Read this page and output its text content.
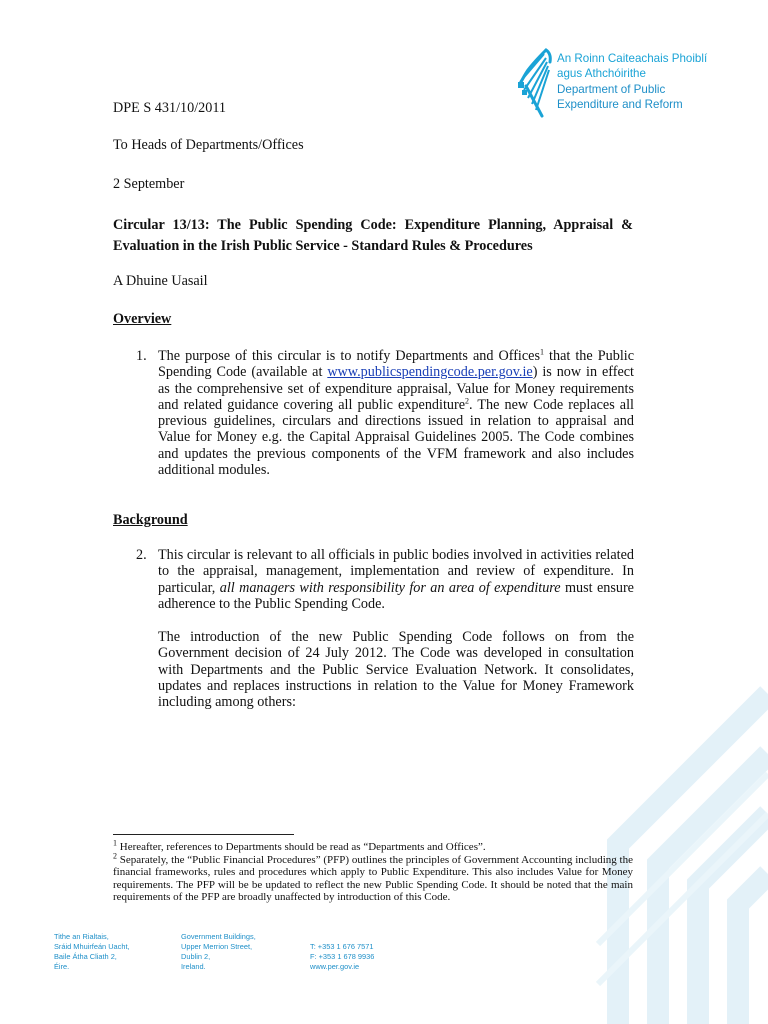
An Roinn Caiteachais Phoiblí
agus Athchóirithe
Department of Public
Expenditure and Reform
DPE S 431/10/2011
To Heads of Departments/Offices
2 September
Circular 13/13: The Public Spending Code: Expenditure Planning, Appraisal & Evaluation in the Irish Public Service - Standard Rules & Procedures
A Dhuine Uasail
Overview
1. The purpose of this circular is to notify Departments and Offices$^1$ that the Public Spending Code (available at www.publicspendingcode.per.gov.ie) is now in effect as the comprehensive set of expenditure appraisal, Value for Money requirements and related guidance covering all public expenditure$^2$. The new Code replaces all previous guidelines, circulars and directions issued in relation to appraisal and Value for Money e.g. the Capital Appraisal Guidelines 2005. The Code combines and updates the previous components of the VFM framework and also includes additional modules.
Background
2. This circular is relevant to all officials in public bodies involved in activities related to the appraisal, management, implementation and review of expenditure. In particular, all managers with responsibility for an area of expenditure must ensure adherence to the Public Spending Code.
The introduction of the new Public Spending Code follows on from the Government decision of 24 July 2012. The Code was developed in consultation with Departments and the Public Service Evaluation Network. It consolidates, updates and replaces instructions in relation to the Value for Money Framework including among others:
$^1$ Hereafter, references to Departments should be read as “Departments and Offices”.
$^2$ Separately, the “Public Financial Procedures” (PFP) outlines the principles of Government Accounting including the financial frameworks, rules and procedures which apply to Public Expenditure. This also includes Value for Money requirements. The PFP will be be updated to reflect the new Public Spending Code. It should be noted that the main requirements of the PFP are broadly unaffected by introduction of this Code.
Tithe an Rialtais,
Sráid Mhuirfeán Uacht,
Baile Átha Cliath 2,
Éire.
Government Buildings,
Upper Merrion Street,
Dublin 2,
Ireland.
T: +353 1 676 7571
F: +353 1 678 9936
www.per.gov.ie
